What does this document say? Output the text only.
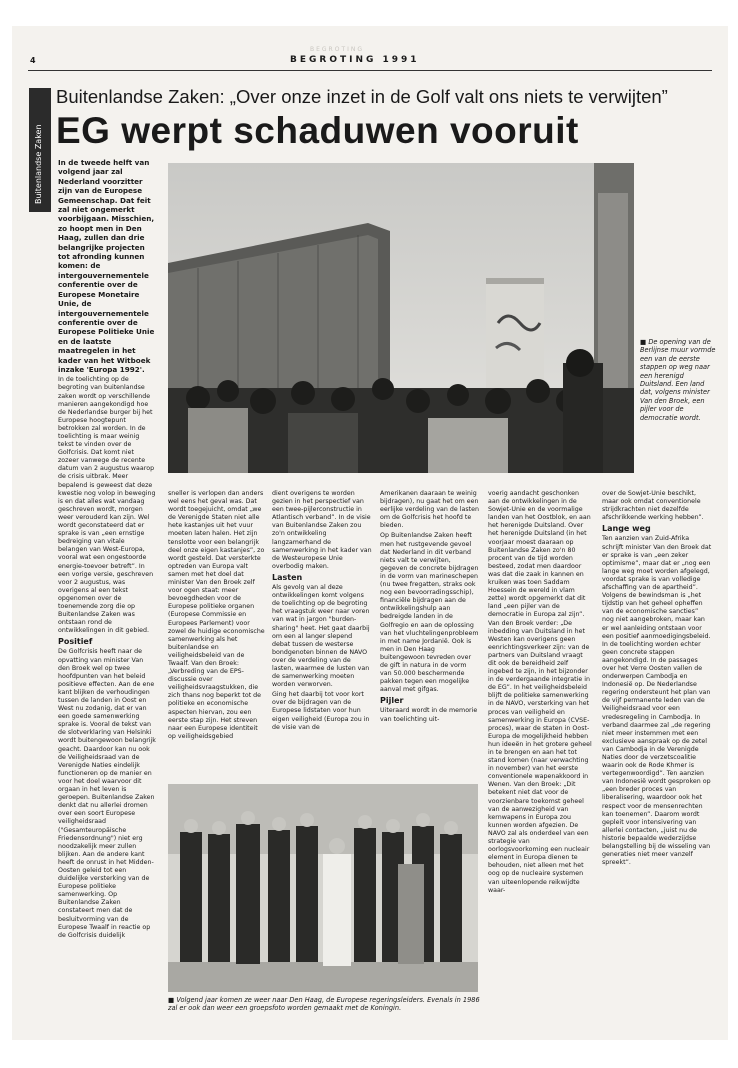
BEGROTING
4	BEGROTING 1991
Buitenlandse Zaken
Buitenlandse Zaken: „Over onze inzet in de Golf valt ons niets te verwijten”
EG werpt schaduwen vooruit

In de tweede helft van volgend jaar zal Nederland voorzitter zijn van de Europese Gemeenschap. Dat feit zal niet ongemerkt voorbijgaan. Misschien, zo hoopt men in Den Haag, zullen dan drie belangrijke projecten tot afronding kunnen komen: de intergouvernementele conferentie over de Europese Monetaire Unie, de intergouvernementele conferentie over de Europese Politieke Unie en de laatste maatregelen in het kader van het Witboek inzake 'Europa 1992'.

In de toelichting op de begroting van buitenlandse zaken wordt op verschillende manieren aangekondigd hoe de Nederlandse burger bij het Europese hoogtepunt betrokken zal worden. In de toelichting is maar weinig tekst te vinden over de Golfcrisis. Dat komt niet zozeer vanwege de recente datum van 2 augustus waarop de crisis uitbrak. Meer bepalend is geweest dat deze kwestie nog volop in beweging is en dat alles wat vandaag geschreven wordt, morgen weer verouderd kan zijn. Wel wordt geconstateerd dat er sprake is van „een ernstige bedreiging van vitale belangen van West-Europa, vooral wat een ongestoorde energie-toevoer betreft”. In een vorige versie, geschreven voor 2 augustus, was overigens al een tekst opgenomen over de toenemende zorg die op Buitenlandse Zaken was ontstaan rond de ontwikkelingen in dit gebied.

Positief

De Golfcrisis heeft naar de opvatting van minister Van den Broek wel op twee hoofdpunten van het beleid positieve effecten. Aan de ene kant blijken de verhoudingen tussen de landen in Oost en West nu zodanig, dat er van een goede samenwerking sprake is. Vooral de tekst van de slotverklaring van Helsinki wordt buitengewoon belangrijk geacht. Daardoor kan nu ook de Veiligheidsraad van de Verenigde Naties eindelijk functioneren op de manier en voor het doel waarvoor dit orgaan in het leven is geroepen. Buitenlandse Zaken denkt dat nu allerlei dromen over een soort Europese veiligheidsraad ("Gesamteuropäische Friedensordnung") niet erg noodzakelijk meer zullen blijken. Aan de andere kant heeft de onrust in het Midden-Oosten geleid tot een duidelijke versterking van de Europese politieke samenwerking. Op Buitenlandse Zaken constateert men dat de besluitvorming van de Europese Twaalf in reactie op de Golfcrisis duidelijk

■ De opening van de Berlijnse muur vormde een van de eerste stappen op weg naar een herenigd Duitsland. Een land dat, volgens minister Van den Broek, een pijler voor de democratie wordt.

sneller is verlopen dan anders wel eens het geval was. Dat wordt toegejuicht, omdat „we de Verenigde Staten niet alle hete kastanjes uit het vuur moeten laten halen. Het zijn tenslotte voor een belangrijk deel onze eigen kastanjes”, zo wordt gesteld. Dat versterkte optreden van Europa valt samen met het doel dat minister Van den Broek zelf voor ogen staat: meer bevoegdheden voor de Europese politieke organen (Europese Commissie en Europees Parlement) voor zowel de huidige economische samenwerking als het buitenlandse en veiligheidsbeleid van de Twaalf. Van den Broek: „Verbreding van de EPS-discussie over veiligheidsvraagstukken, die zich thans nog beperkt tot de politieke en economische aspecten hiervan, zou een eerste stap zijn. Het streven naar een Europese identiteit op veiligheidsgebied

dient overigens te worden gezien in het perspectief van een twee-pijlerconstructie in Atlantisch verband”. In de visie van Buitenlandse Zaken zou zo'n ontwikkeling langzamerhand de samenwerking in het kader van de Westeuropese Unie overbodig maken.

Lasten

Als gevolg van al deze ontwikkelingen komt volgens de toelichting op de begroting het vraagstuk weer naar voren van wat in jargon "burden-sharing" heet. Het gaat daarbij om een al langer slepend debat tussen de westerse bondgenoten binnen de NAVO over de verdeling van de lasten, waarmee de lusten van de samenwerking moeten worden verworven.

Ging het daarbij tot voor kort over de bijdragen van de Europese lidstaten voor hun eigen veiligheid (Europa zou in de visie van de

Amerikanen daaraan te weinig bijdragen), nu gaat het om een eerlijke verdeling van de lasten om de Golfcrisis het hoofd te bieden.

Op Buitenlandse Zaken heeft men het rustgevende gevoel dat Nederland in dit verband niets valt te verwijten, gegeven de concrete bijdragen in de vorm van marineschepen (nu twee fregatten, straks ook nog een bevoorradingsschip), financiële bijdragen aan de ontwikkelingshulp aan bedreigde landen in de Golfregio en aan de oplossing van het vluchtelingenprobleem in met name Jordanië. Ook is men in Den Haag buitengewoon tevreden over de gift in natura in de vorm van 50.000 beschermende pakken tegen een mogelijke aanval met gifgas.

Pijler

Uiteraard wordt in de memorie van toelichting uit-

voerig aandacht geschonken aan de ontwikkelingen in de Sowjet-Unie en de voormalige landen van het Oostblok, en aan het herenigde Duitsland. Over het herenigde Duitsland (in het voorjaar moest daaraan op Buitenlandse Zaken zo'n 80 procent van de tijd worden besteed, zodat men daardoor was dat die zaak in kannen en kruiken was toen Saddam Hoessein de wereld in vlam zette) wordt opgemerkt dat dit land „een pijler van de democratie in Europa zal zijn”. Van den Broek verder: „De inbedding van Duitsland in het Westen kan overigens geen eenrichtingsverkeer zijn: van de partners van Duitsland vraagt dit ook de bereidheid zelf ingebed te zijn, in het bijzonder in de verdergaande integratie in de EG”. In het veiligheidsbeleid blijft de politieke samenwerking in de NAVO, versterking van het proces van veiligheid en samenwerking in Europa (CVSE-proces), waar de staten in Oost-Europa de mogelijkheid hebben hun ideeën in het grotere geheel in te brengen en aan het tot stand komen (naar verwachting in november) van het eerste conventionele wapenakkoord in Wenen. Van den Broek: „Dit betekent niet dat voor de voorzienbare toekomst geheel van de aanwezigheid van kernwapens in Europa zou kunnen worden afgezien. De NAVO zal als onderdeel van een strategie van oorlogsvoorkoming een nucleair element in Europa dienen te behouden, niet alleen met het oog op de nucleaire systemen van uiteenlopende reikwijdte waar-

over de Sowjet-Unie beschikt, maar ook omdat conventionele strijdkrachten niet dezelfde afschrikkende werking hebben”.

Lange weg

Ten aanzien van Zuid-Afrika schrijft minister Van den Broek dat er sprake is van „een zeker optimisme”, maar dat er „nog een lange weg moet worden afgelegd, voordat sprake is van volledige afschaffing van de apartheid”. Volgens de bewindsman is „het tijdstip van het geheel opheffen van de economische sancties” nog niet aangebroken, maar kan er wel aanleiding ontstaan voor een positief aanmoedigingsbeleid. In de toelichting worden echter geen concrete stappen aangekondigd. In de passages over het Verre Oosten vallen de onderwerpen Cambodja en Indonesië op. De Nederlandse regering ondersteunt het plan van de vijf permanente leden van de Veiligheidsraad voor een vredesregeling in Cambodja. In verband daarmee zal „de regering niet meer instemmen met een exclusieve aanspraak op de zetel van Cambodja in de Verenigde Naties door de verzetscoalitie waarin ook de Rode Khmer is vertegenwoordigd”. Ten aanzien van Indonesië wordt gesproken op „een breder proces van liberalisering, waardoor ook het respect voor de mensenrechten kan toenemen”. Daarom wordt gepleit voor intensivering van allerlei contacten, „juist nu de historie bepaalde wederzijdse belangstelling bij de wisseling van generaties niet meer vanzelf spreekt”.

■ Volgend jaar komen ze weer naar Den Haag, de Europese regeringsleiders. Evenals in 1986 zal er ook dan weer een groepsfoto worden gemaakt met de Koningin.
